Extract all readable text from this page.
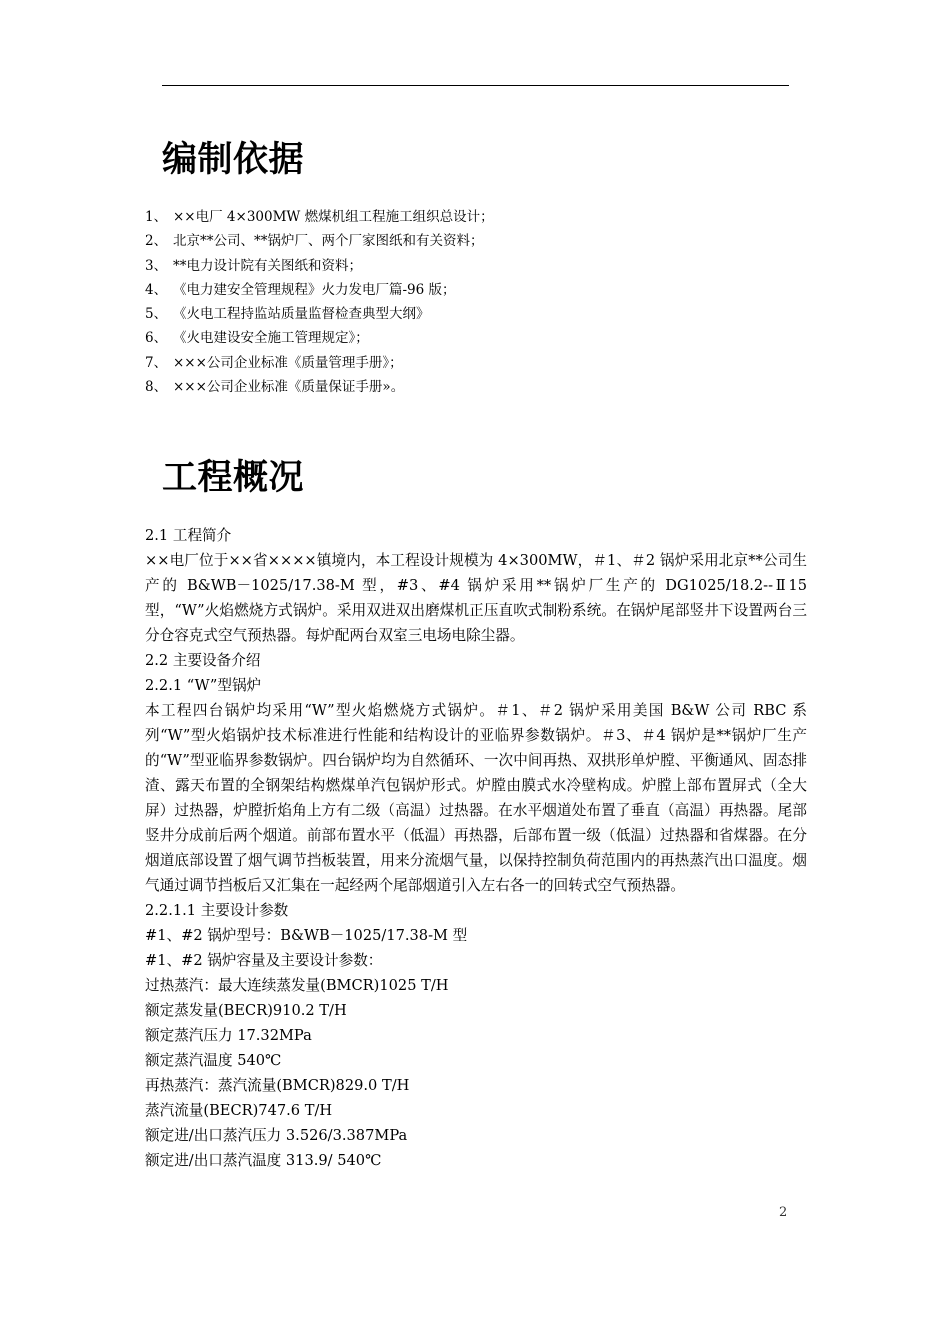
编制依据
1、 ××电厂 4×300MW 燃煤机组工程施工组织总设计；
2、 北京**公司、**锅炉厂、两个厂家图纸和有关资料；
3、 **电力设计院有关图纸和资料；
4、 《电力建安全管理规程》火力发电厂篇-96 版；
5、 《火电工程持监站质量监督检查典型大纲》
6、 《火电建设安全施工管理规定》；
7、 ×××公司企业标准《质量管理手册》；
8、 ×××公司企业标准《质量保证手册»。
工程概况

2.1 工程简介

××电厂位于××省××××镇境内，本工程设计规模为 4×300MW，＃1、＃2 锅炉采用北京**公司生产的 B&WB－1025/17.38-M 型，#3、#4 锅炉采用**锅炉厂生产的 DG1025/18.2--Ⅱ15 型，“W”火焰燃烧方式锅炉。采用双进双出磨煤机正压直吹式制粉系统。在锅炉尾部竖井下设置两台三分仓容克式空气预热器。每炉配两台双室三电场电除尘器。

2.2 主要设备介绍

2.2.1 “W”型锅炉

本工程四台锅炉均采用“W”型火焰燃烧方式锅炉。＃1、＃2 锅炉采用美国 B&W 公司 RBC 系列“W”型火焰锅炉技术标准进行性能和结构设计的亚临界参数锅炉。＃3、＃4 锅炉是**锅炉厂生产的“W”型亚临界参数锅炉。四台锅炉均为自然循环、一次中间再热、双拱形单炉膛、平衡通风、固态排渣、露天布置的全钢架结构燃煤单汽包锅炉形式。炉膛由膜式水冷壁构成。炉膛上部布置屏式（全大屏）过热器，炉膛折焰角上方有二级（高温）过热器。在水平烟道处布置了垂直（高温）再热器。尾部竖井分成前后两个烟道。前部布置水平（低温）再热器，后部布置一级（低温）过热器和省煤器。在分烟道底部设置了烟气调节挡板装置，用来分流烟气量，以保持控制负荷范围内的再热蒸汽出口温度。烟气通过调节挡板后又汇集在一起经两个尾部烟道引入左右各一的回转式空气预热器。

2.2.1.1 主要设计参数

#1、#2 锅炉型号：B&WB－1025/17.38-M 型

#1、#2 锅炉容量及主要设计参数：

过热蒸汽：最大连续蒸发量(BMCR)1025 T/H

额定蒸发量(BECR)910.2 T/H

额定蒸汽压力 17.32MPa

额定蒸汽温度 540℃

再热蒸汽：蒸汽流量(BMCR)829.0 T/H

蒸汽流量(BECR)747.6 T/H

额定进/出口蒸汽压力 3.526/3.387MPa

额定进/出口蒸汽温度 313.9/ 540℃

2
